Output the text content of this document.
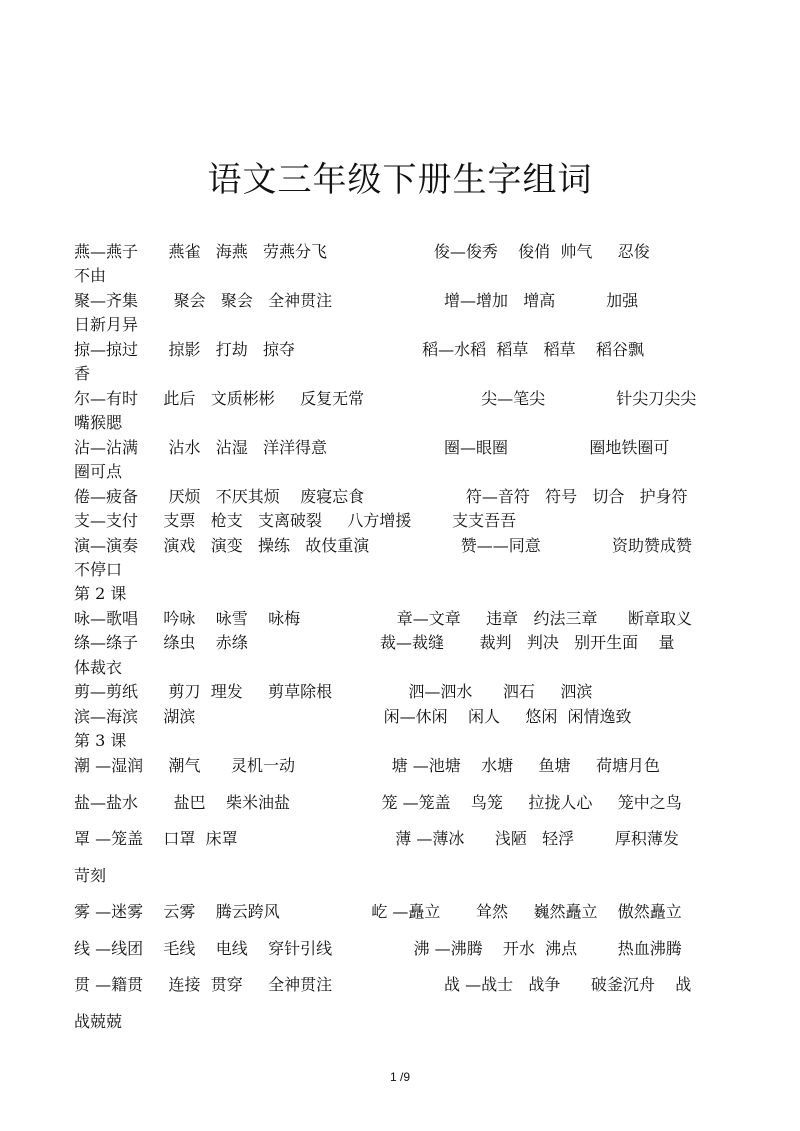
语文三年级下册生字组词
燕—燕子      燕雀   海燕   劳燕分飞                     俊—俊秀    俊俏  帅气     忍俊
不由
聚—齐集       聚会   聚会   全神贯注                      增—增加   增高          加强
日新月异
掠—掠过      掠影   打劫   掠夺                         稻—水稻  稻草   稻草    稻谷飘
香
尔—有时     此后   文质彬彬     反复无常                       尖—笔尖              针尖刀尖尖
嘴猴腮
沾—沾满      沾水   沾湿   洋洋得意                       圈—眼圈                圈地铁圈可
圈可点
倦—疲备      厌烦   不厌其烦    废寝忘食                    符—音符   符号   切合   护身符
支—支付     支票   枪支   支离破裂     八方增援        支支吾吾
演—演奏     演戏   演变   操练   故伎重演                  赞——同意              资助赞成赞
不停口
第 2 课
咏—歌唱     吟咏    咏雪    咏梅                   章—文章     违章   约法三章      断章取义
绦—绦子     绦虫    赤绦                          裁—裁缝       裁判   判决   别开生面    量
体裁衣
剪—剪纸      剪刀  理发     剪草除根               泗—泗水      泗石     泗滨
滨—海滨     湖滨                                     闲—休闲    闲人     悠闲  闲情逸致
第 3 课
潮 —湿润     潮气      灵机一动                   塘 —池塘    水塘     鱼塘     荷塘月色
盐—盐水       盐巴    柴米油盐                  笼 —笼盖    鸟笼     拉拢人心     笼中之鸟
罩 —笼盖    口罩  床罩                               薄 —薄冰      浅陋   轻浮        厚积薄发
苛刻
雾 —迷雾    云雾    腾云跨风                  屹 —矗立       耸然     巍然矗立    傲然矗立
线 —线团    毛线    电线    穿针引线                沸 —沸腾    开水  沸点        热血沸腾
贯 —籍贯     连接  贯穿     全神贯注                      战 —战士   战争      破釜沉舟    战
战兢兢
1 /9
